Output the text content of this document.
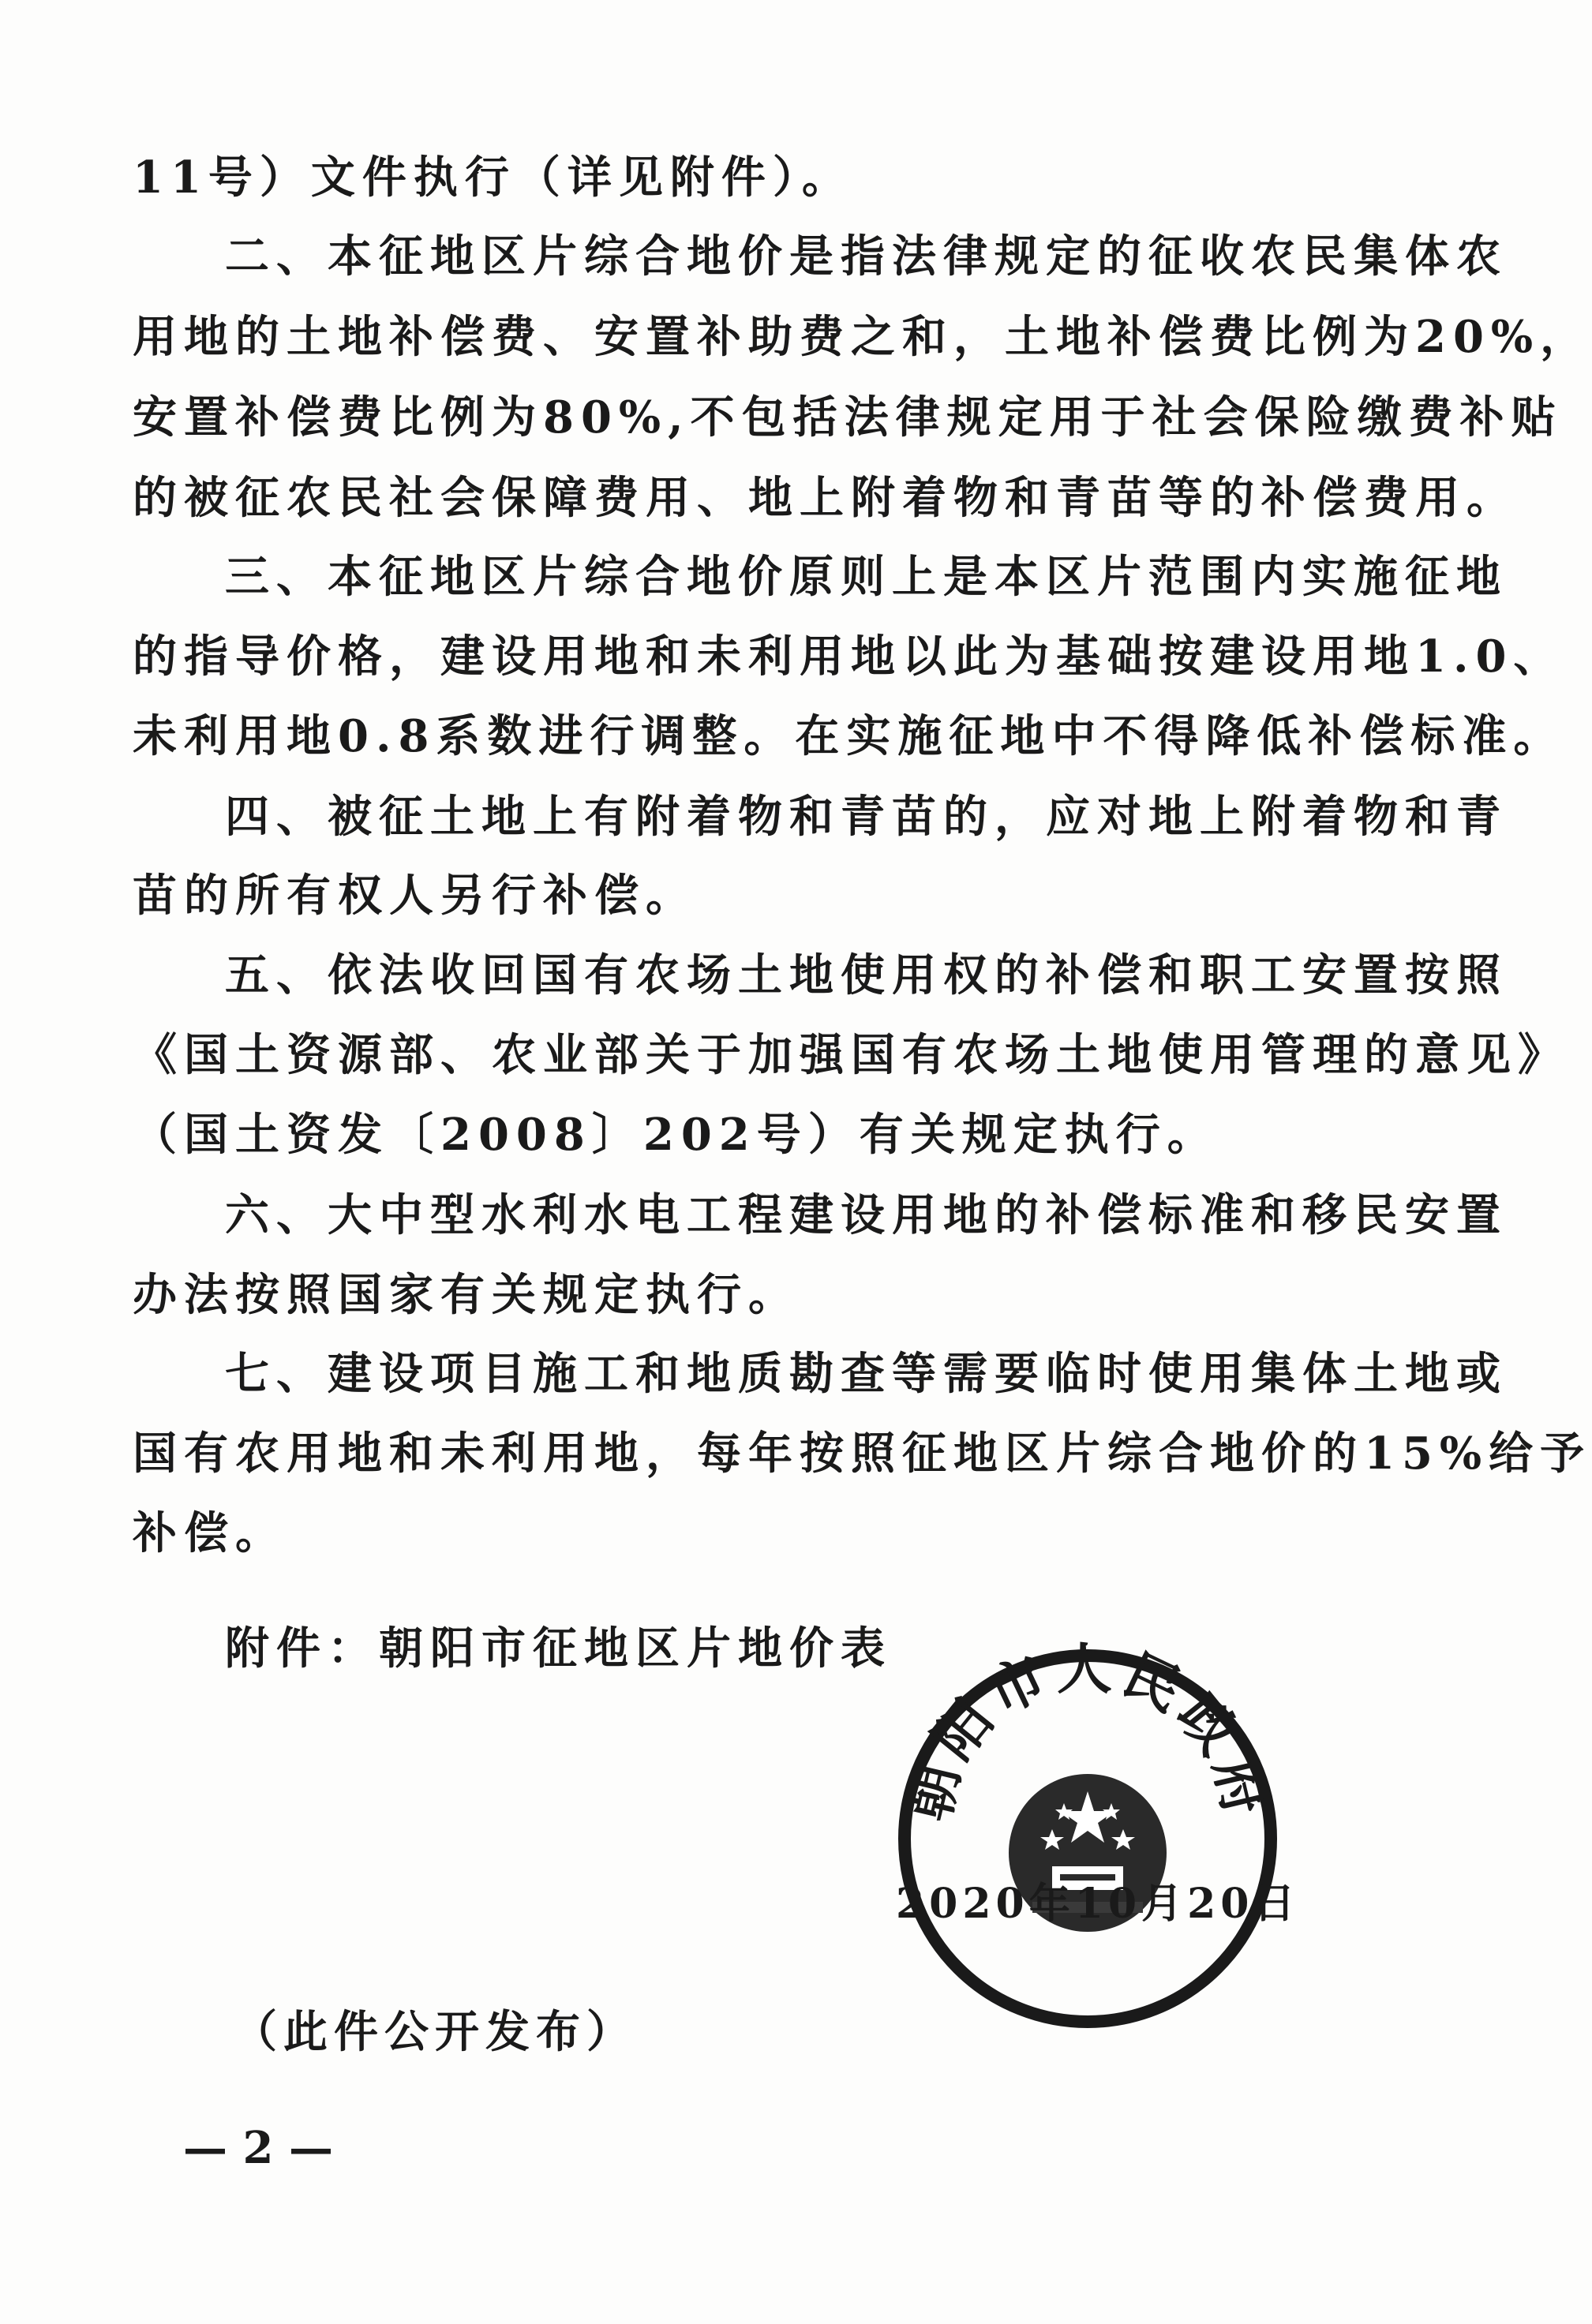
11号）文件执行（详见附件）。
二、本征地区片综合地价是指法律规定的征收农民集体农
用地的土地补偿费、安置补助费之和，土地补偿费比例为20%，
安置补偿费比例为80%,不包括法律规定用于社会保险缴费补贴
的被征农民社会保障费用、地上附着物和青苗等的补偿费用。
三、本征地区片综合地价原则上是本区片范围内实施征地
的指导价格，建设用地和未利用地以此为基础按建设用地1.0、
未利用地0.8系数进行调整。在实施征地中不得降低补偿标准。
四、被征土地上有附着物和青苗的，应对地上附着物和青
苗的所有权人另行补偿。
五、依法收回国有农场土地使用权的补偿和职工安置按照
《国土资源部、农业部关于加强国有农场土地使用管理的意见》
（国土资发〔2008〕202号）有关规定执行。
六、大中型水利水电工程建设用地的补偿标准和移民安置
办法按照国家有关规定执行。
七、建设项目施工和地质勘查等需要临时使用集体土地或
国有农用地和未利用地，每年按照征地区片综合地价的15%给予
补偿。
附件：朝阳市征地区片地价表
朝阳市人民政府
2020年10月20日
（此件公开发布）
— 2 —
